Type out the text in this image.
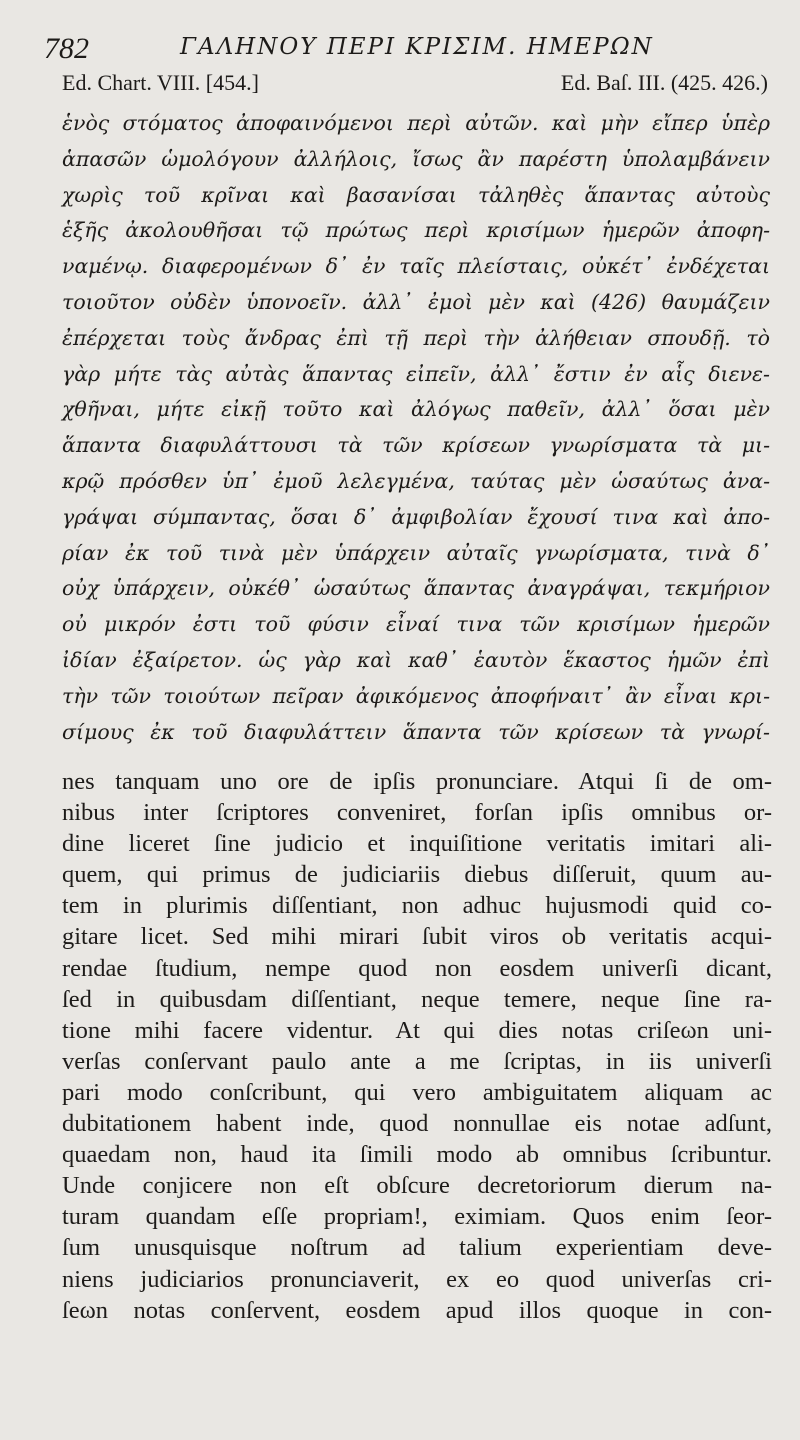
782	ΓΑΛΗΝΟΥ ΠΕΡΙ ΚΡΙΣΙΜ. ΗΜΕΡΩΝ
Ed. Chart. VIII. [454.]	Ed. Baſ. III. (425. 426.)
ἑνὸς στόματος ἀποφαινόμενοι περὶ αὐτῶν. καὶ μὴν εἴπερ ὑπὲρ
ἁπασῶν ὡμολόγουν ἀλλήλοις, ἴσως ἂν παρέστη ὑπολαμβάνειν
χωρὶς τοῦ κρῖναι καὶ βασανίσαι τἀληθὲς ἅπαντας αὐτοὺς
ἑξῆς ἀκολουθῆσαι τῷ πρώτως περὶ κρισίμων ἡμερῶν ἀποφη-
ναμένῳ. διαφερομένων δ᾽ ἐν ταῖς πλείσταις, οὐκέτ᾽ ἐνδέχεται
τοιοῦτον οὐδὲν ὑπονοεῖν. ἀλλ᾽ ἐμοὶ μὲν καὶ (426) θαυμάζειν
ἐπέρχεται τοὺς ἄνδρας ἐπὶ τῇ περὶ τὴν ἀλήθειαν σπουδῇ. τὸ
γὰρ μήτε τὰς αὐτὰς ἅπαντας εἰπεῖν, ἀλλ᾽ ἔστιν ἐν αἷς διενε-
χθῆναι, μήτε εἰκῇ τοῦτο καὶ ἀλόγως παθεῖν, ἀλλ᾽ ὅσαι μὲν
ἅπαντα διαφυλάττουσι τὰ τῶν κρίσεων γνωρίσματα τὰ μι-
κρῷ πρόσθεν ὑπ᾽ ἐμοῦ λελεγμένα, ταύτας μὲν ὡσαύτως ἀνα-
γράψαι σύμπαντας, ὅσαι δ᾽ ἀμφιβολίαν ἔχουσί τινα καὶ ἀπο-
ρίαν ἐκ τοῦ τινὰ μὲν ὑπάρχειν αὐταῖς γνωρίσματα, τινὰ δ᾽
οὐχ ὑπάρχειν, οὐκέθ᾽ ὡσαύτως ἅπαντας ἀναγράψαι, τεκμήριον
οὐ μικρόν ἐστι τοῦ φύσιν εἶναί τινα τῶν κρισίμων ἡμερῶν
ἰδίαν ἐξαίρετον. ὡς γὰρ καὶ καθ᾽ ἑαυτὸν ἕκαστος ἡμῶν ἐπὶ
τὴν τῶν τοιούτων πεῖραν ἀφικόμενος ἀποφήναιτ᾽ ἂν εἶναι κρι-
σίμους ἐκ τοῦ διαφυλάττειν ἅπαντα τῶν κρίσεων τὰ γνωρί-
nes tanquam uno ore de ipſis pronunciare. Atqui ſi de om-
nibus inter ſcriptores conveniret, forſan ipſis omnibus or-
dine liceret ſine judicio et inquiſitione veritatis imitari ali-
quem, qui primus de judiciariis diebus diſſeruit, quum au-
tem in plurimis diſſentiant, non adhuc hujusmodi quid co-
gitare licet. Sed mihi mirari ſubit viros ob veritatis acqui-
rendae ſtudium, nempe quod non eosdem univerſi dicant,
ſed in quibusdam diſſentiant, neque temere, neque ſine ra-
tione mihi facere videntur. At qui dies notas criſeωn uni-
verſas conſervant paulo ante a me ſcriptas, in iis univerſi
pari modo conſcribunt, qui vero ambiguitatem aliquam ac
dubitationem habent inde, quod nonnullae eis notae adſunt,
quaedam non, haud ita ſimili modo ab omnibus ſcribuntur.
Unde conjicere non eſt obſcure decretoriorum dierum na-
turam quandam eſſe propriam!, eximiam. Quos enim ſeor-
ſum unusquisque noſtrum ad talium experientiam deve-
niens judiciarios pronunciaverit, ex eo quod univerſas cri-
ſeωn notas conſervent, eosdem apud illos quoque in con-
